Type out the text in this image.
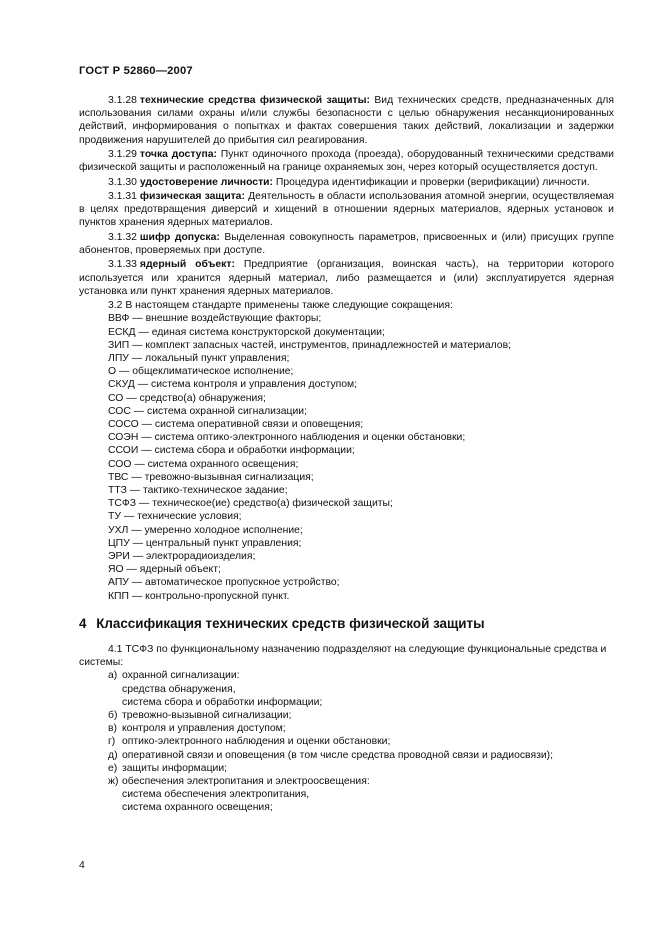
ГОСТ Р 52860—2007

3.1.28 технические средства физической защиты: Вид технических средств, предназначенных для использования силами охраны и/или службы безопасности с целью обнаружения несанкционированных действий, информирования о попытках и фактах совершения таких действий, локализации и задержки продвижения нарушителей до прибытия сил реагирования.

3.1.29 точка доступа: Пункт одиночного прохода (проезда), оборудованный техническими средствами физической защиты и расположенный на границе охраняемых зон, через который осуществляется доступ.

3.1.30 удостоверение личности: Процедура идентификации и проверки (верификации) личности.

3.1.31 физическая защита: Деятельность в области использования атомной энергии, осуществляемая в целях предотвращения диверсий и хищений в отношении ядерных материалов, ядерных установок и пунктов хранения ядерных материалов.

3.1.32 шифр допуска: Выделенная совокупность параметров, присвоенных и (или) присущих группе абонентов, проверяемых при доступе.

3.1.33 ядерный объект: Предприятие (организация, воинская часть), на территории которого используется или хранится ядерный материал, либо размещается и (или) эксплуатируется ядерная установка или пункт хранения ядерных материалов.

3.2 В настоящем стандарте применены также следующие сокращения:

ВВФ — внешние воздействующие факторы;
ЕСКД — единая система конструкторской документации;
ЗИП — комплект запасных частей, инструментов, принадлежностей и материалов;
ЛПУ — локальный пункт управления;
О — общеклиматическое исполнение;
СКУД — система контроля и управления доступом;
СО — средство(а) обнаружения;
СОС — система охранной сигнализации;
СОСО — система оперативной связи и оповещения;
СОЭН — система оптико-электронного наблюдения и оценки обстановки;
ССОИ — система сбора и обработки информации;
СОО — система охранного освещения;
ТВС — тревожно-вызывная сигнализация;
ТТЗ — тактико-техническое задание;
ТСФЗ — техническое(ие) средство(а) физической защиты;
ТУ — технические условия;
УХЛ — умеренно холодное исполнение;
ЦПУ — центральный пункт управления;
ЭРИ — электрорадиоизделия;
ЯО — ядерный объект;
АПУ — автоматическое пропускное устройство;
КПП — контрольно-пропускной пункт.
4 Классификация технических средств физической защиты

4.1 ТСФЗ по функциональному назначению подразделяют на следующие функциональные средства и системы:

а) охранной сигнализации:
средства обнаружения,
система сбора и обработки информации;
б) тревожно-вызывной сигнализации;
в) контроля и управления доступом;
г) оптико-электронного наблюдения и оценки обстановки;
д) оперативной связи и оповещения (в том числе средства проводной связи и радиосвязи);
е) защиты информации;
ж) обеспечения электропитания и электроосвещения:
система обеспечения электропитания,
система охранного освещения;
4
